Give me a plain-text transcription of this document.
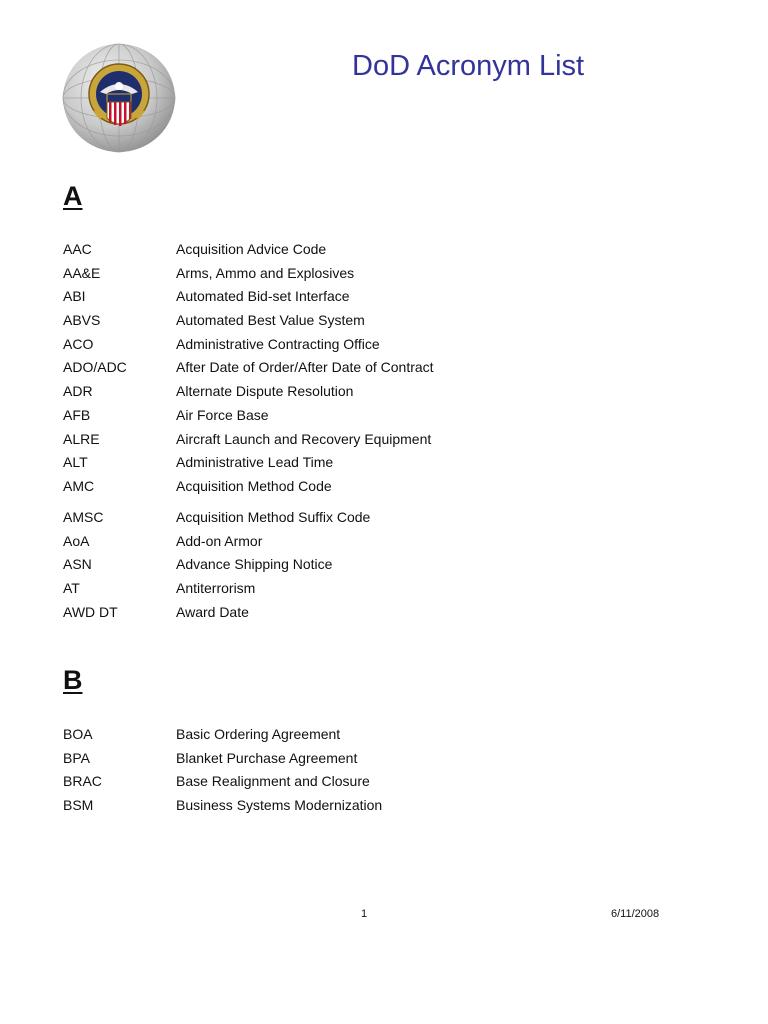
DoD Acronym List
A
AAC	Acquisition Advice Code
AA&E	Arms, Ammo and Explosives
ABI	Automated Bid-set Interface
ABVS	Automated Best Value System
ACO	Administrative Contracting Office
ADO/ADC	After Date of Order/After Date of Contract
ADR	Alternate Dispute Resolution
AFB	Air Force Base
ALRE	Aircraft Launch and Recovery Equipment
ALT	Administrative Lead Time
AMC	Acquisition Method Code
AMSC	Acquisition Method Suffix Code
AoA	Add-on Armor
ASN	Advance Shipping Notice
AT	Antiterrorism
AWD DT	Award Date
B
BOA	Basic Ordering Agreement
BPA	Blanket Purchase Agreement
BRAC	Base Realignment and Closure
BSM	Business Systems Modernization
1	6/11/2008
